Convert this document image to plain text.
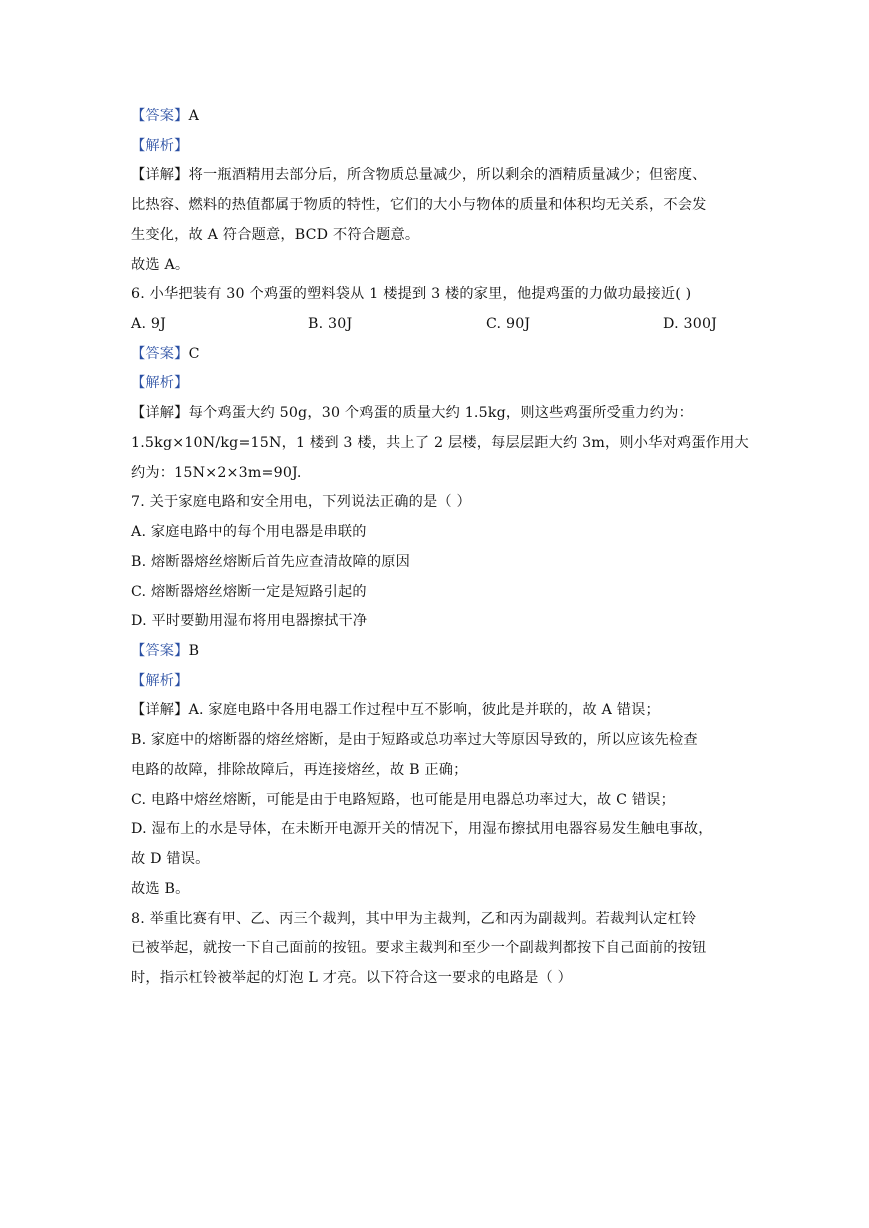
【答案】A
【解析】
【详解】将一瓶酒精用去部分后，所含物质总量减少，所以剩余的酒精质量减少；但密度、
比热容、燃料的热值都属于物质的特性，它们的大小与物体的质量和体积均无关系，不会发
生变化，故 A 符合题意，BCD 不符合题意。
故选 A。
6. 小华把装有 30 个鸡蛋的塑料袋从 1 楼提到 3 楼的家里，他提鸡蛋的力做功最接近( )
A. 9J	B. 30J	C. 90J	D. 300J
【答案】C
【解析】
【详解】每个鸡蛋大约 50g，30 个鸡蛋的质量大约 1.5kg，则这些鸡蛋所受重力约为：
1.5kg×10N/kg=15N，1 楼到 3 楼，共上了 2 层楼，每层层距大约 3m，则小华对鸡蛋作用大
约为：15N×2×3m=90J.
7. 关于家庭电路和安全用电，下列说法正确的是（ ）
A. 家庭电路中的每个用电器是串联的
B. 熔断器熔丝熔断后首先应查清故障的原因
C. 熔断器熔丝熔断一定是短路引起的
D. 平时要勤用湿布将用电器擦拭干净
【答案】B
【解析】
【详解】A. 家庭电路中各用电器工作过程中互不影响，彼此是并联的，故 A 错误；
B. 家庭中的熔断器的熔丝熔断，是由于短路或总功率过大等原因导致的，所以应该先检查
电路的故障，排除故障后，再连接熔丝，故 B 正确；
C. 电路中熔丝熔断，可能是由于电路短路，也可能是用电器总功率过大，故 C 错误；
D. 湿布上的水是导体，在未断开电源开关的情况下，用湿布擦拭用电器容易发生触电事故，
故 D 错误。
故选 B。
8. 举重比赛有甲、乙、丙三个裁判，其中甲为主裁判，乙和丙为副裁判。若裁判认定杠铃
已被举起，就按一下自己面前的按钮。要求主裁判和至少一个副裁判都按下自己面前的按钮
时，指示杠铃被举起的灯泡 L 才亮。以下符合这一要求的电路是（ ）
